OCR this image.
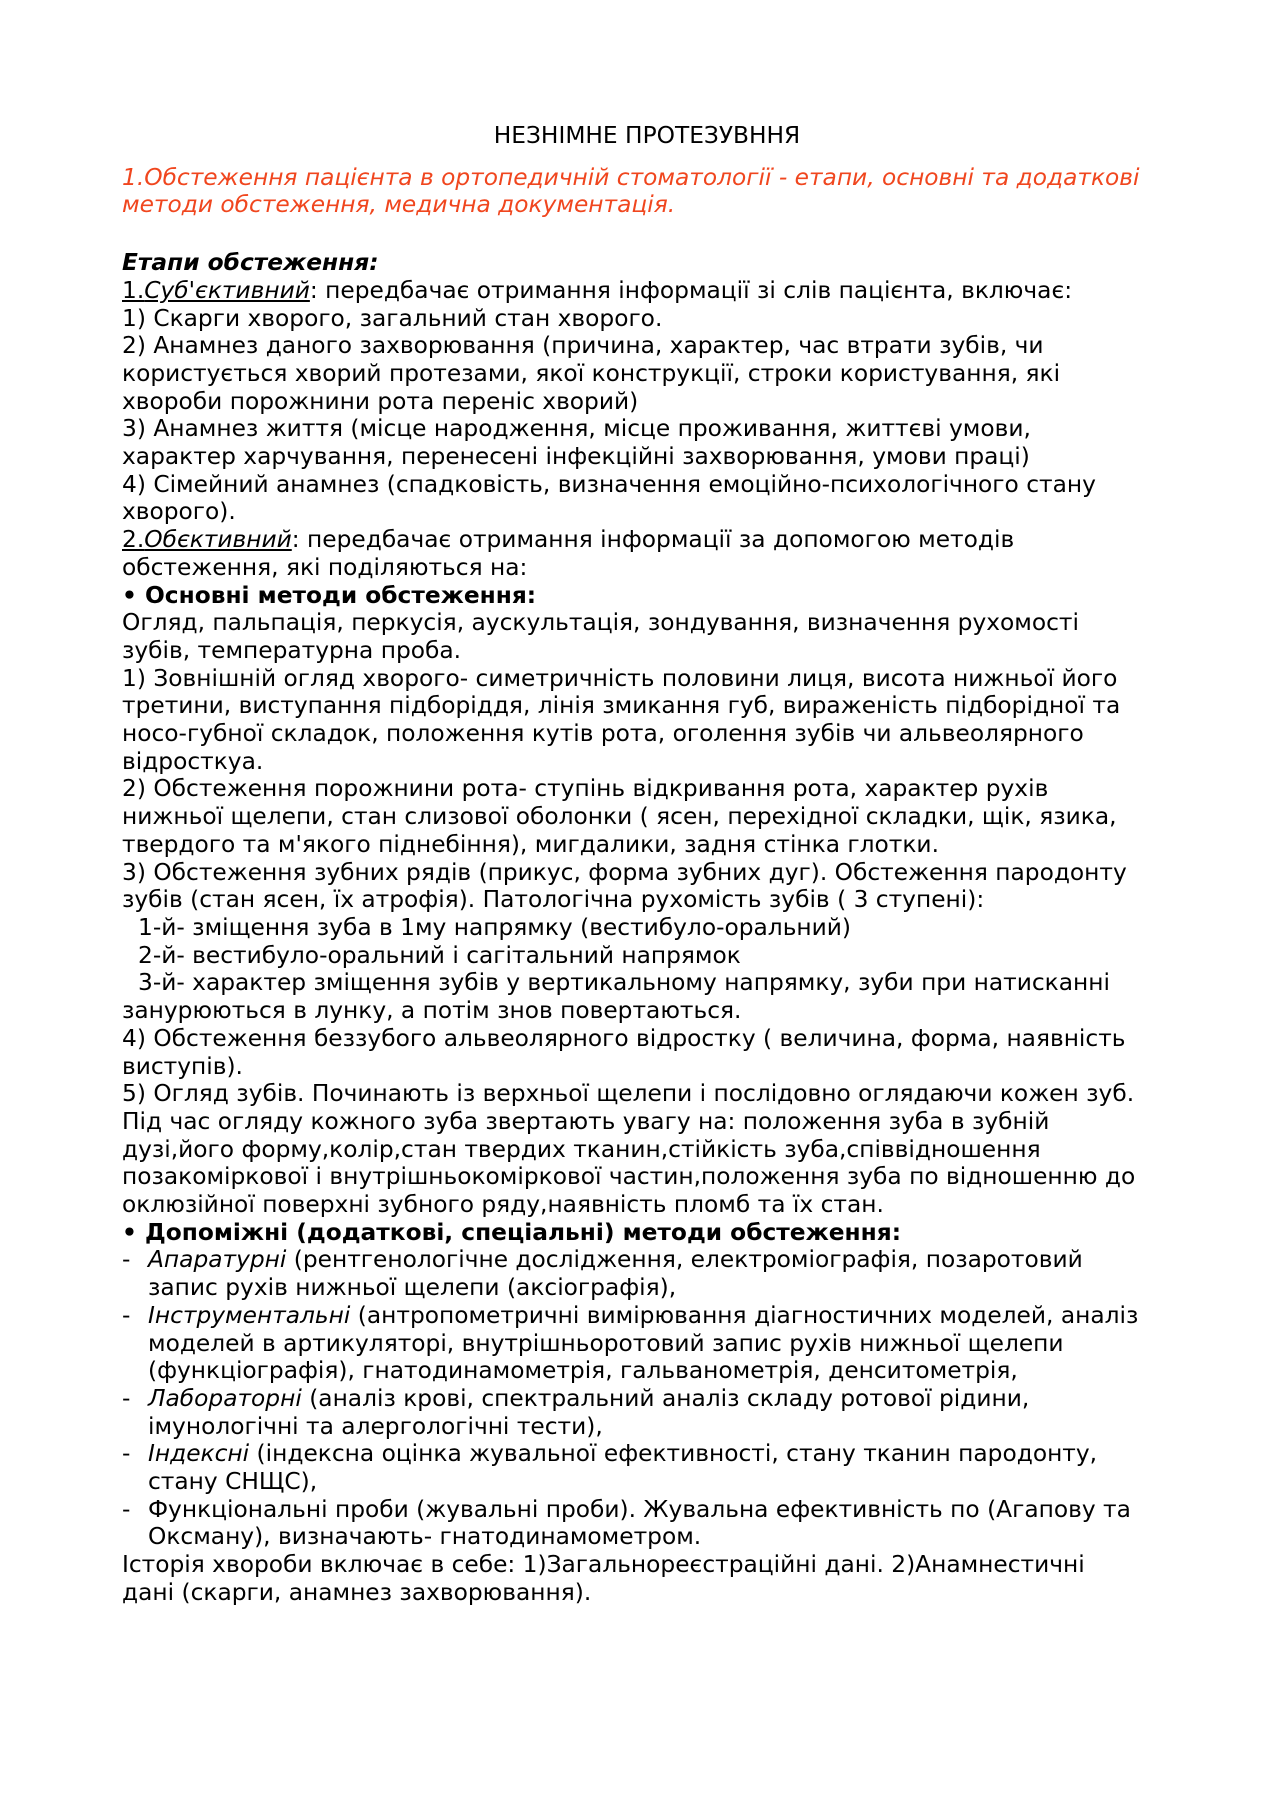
НЕЗНІМНЕ ПРОТЕЗУВННЯ
1.Обстеження пацієнта в ортопедичній стоматології - етапи, основні та додаткові
методи обстеження, медична документація.
Етапи обстеження:
1.Суб'єктивний: передбачає отримання інформації зі слів пацієнта, включає:
1) Скарги хворого, загальний стан хворого.
2) Анамнез даного захворювання (причина, характер, час втрати зубів, чи
користується хворий протезами, якої конструкції, строки користування, які
хвороби порожнини рота переніс хворий)
3) Анамнез життя (місце народження, місце проживання, життєві умови,
характер харчування, перенесені інфекційні захворювання, умови праці)
4) Сімейний анамнез (спадковість, визначення емоційно-психологічного стану
хворого).
2.Обєктивний: передбачає отримання інформації за допомогою методів
обстеження, які поділяються на:
• Основні методи обстеження:
Огляд, пальпація, перкусія, аускультація, зондування, визначення рухомості
зубів, температурна проба.
1) Зовнішній огляд хворого- симетричність половини лиця, висота нижньої його
третини, виступання підборіддя, лінія змикання губ, вираженість підборідної та
носо-губної складок, положення кутів рота, оголення зубів чи альвеолярного
відросткуа.
2) Обстеження порожнини рота- ступінь відкривання рота, характер рухів
нижньої щелепи, стан слизової оболонки ( ясен, перехідної складки, щік, язика,
твердого та м'якого піднебіння), мигдалики, задня стінка глотки.
3) Обстеження зубних рядів (прикус, форма зубних дуг). Обстеження пародонту
зубів (стан ясен, їх атрофія). Патологічна рухомість зубів ( 3 ступені):
1-й- зміщення зуба в 1му напрямку (вестибуло-оральний)
2-й- вестибуло-оральний і сагітальний напрямок
3-й- характер зміщення зубів у вертикальному напрямку, зуби при натисканні
занурюються в лунку, а потім знов повертаються.
4) Обстеження беззубого альвеолярного відростку ( величина, форма, наявність
виступів).
5) Огляд зубів. Починають із верхньої щелепи і послідовно оглядаючи кожен зуб.
Під час огляду кожного зуба звертають увагу на: положення зуба в зубній
дузі,його форму,колір,стан твердих тканин,стійкість зуба,співвідношення
позакоміркової і внутрішньокоміркової частин,положення зуба по відношенню до
оклюзійної поверхні зубного ряду,наявність пломб та їх стан.
• Допоміжні (додаткові, спеціальні) методи обстеження:
- Апаратурні (рентгенологічне дослідження, електроміографія, позаротовий
запис рухів нижньої щелепи (аксіографія),
- Інструментальні (антропометричні вимірювання діагностичних моделей, аналіз
моделей в артикуляторі, внутрішньоротовий запис рухів нижньої щелепи
(функціографія), гнатодинамометрія, гальванометрія, денситометрія,
- Лабораторні (аналіз крові, спектральний аналіз складу ротової рідини,
імунологічні та алергологічні тести),
- Індексні (індексна оцінка жувальної ефективності, стану тканин пародонту,
стану СНЩС),
- Функціональні проби (жувальні проби). Жувальна ефективність по (Агапову та
Оксману), визначають- гнатодинамометром.
Історія хвороби включає в себе: 1)Загальнореєстраційні дані. 2)Анамнестичні
дані (скарги, анамнез захворювання).
